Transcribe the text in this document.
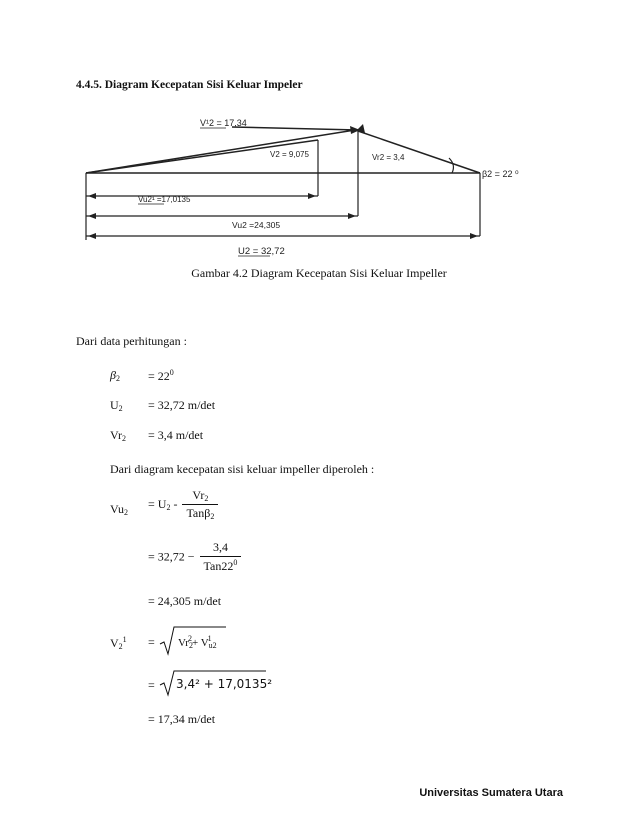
4.4.5. Diagram Kecepatan Sisi Keluar Impeler
V¹2 = 17,34
V2 = 9,075	Vr2 = 3,4
β2 = 22 ⁰
Vu2¹ =17,0135
Vu2 =24,305
U2 = 32,72
Gambar 4.2 Diagram Kecepatan Sisi Keluar Impeller
Dari data perhitungan :
$\beta_2 = 22^0$
$U_2 = 32,72$ m/det
$Vr_2 = 3,4$ m/det
Dari diagram kecepatan sisi keluar impeller diperoleh :
$Vu_2$
= $U_2 - \frac{Vr_2}{Tan\beta_2}$
= $32,72 - \frac{3,4}{Tan22^0}$
= 24,305 m/det
$V_2^1 = Vr_2^2+ V_{u2}^1$
= 3,4² + 17,0135²
= 17,34 m/det
Universitas Sumatera Utara
